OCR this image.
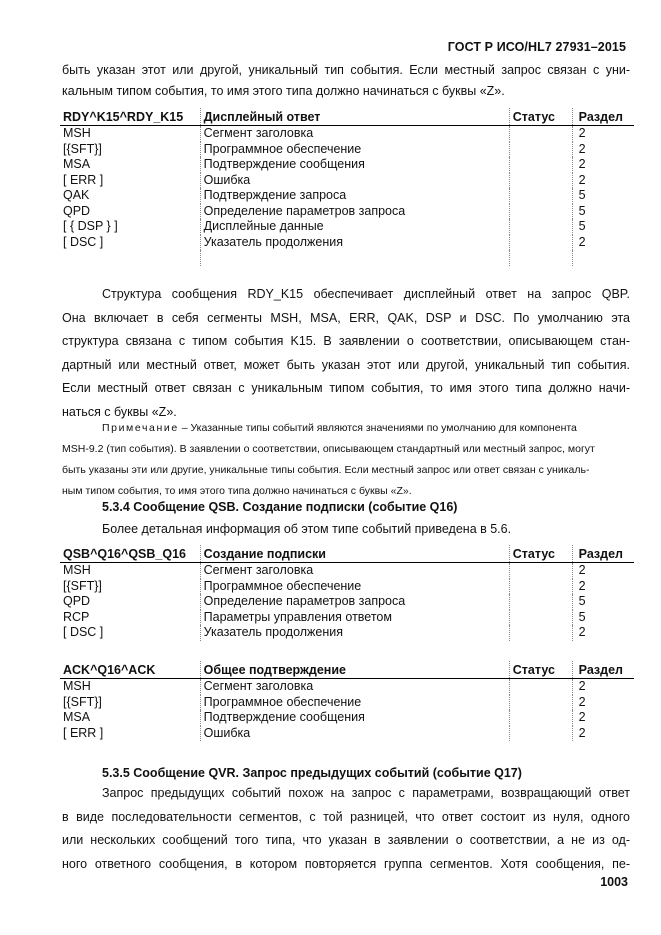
ГОСТ Р ИСО/HL7 27931–2015
быть указан этот или другой, уникальный тип события. Если местный запрос связан с уни-
кальным типом события, то имя этого типа должно начинаться с буквы «Z».
RDY^K15^RDY_K15	Дисплейный ответ	Статус	Раздел
MSH	Сегмент заголовка		2
[{SFT}]	Программное обеспечение		2
MSA	Подтверждение сообщения		2
[ ERR ]	Ошибка		2
QAK	Подтверждение запроса		5
QPD	Определение параметров запроса		5
[ { DSP } ]	Дисплейные данные		5
[ DSC ]	Указатель продолжения		2

Структура сообщения RDY_K15 обеспечивает дисплейный ответ на запрос QBP.
Она включает в себя сегменты MSH, MSA, ERR, QAK, DSP и DSC. По умолчанию эта
структура связана с типом события K15. В заявлении о соответствии, описывающем стан-
дартный или местный ответ, может быть указан этот или другой, уникальный тип события.
Если местный ответ связан с уникальным типом события, то имя этого типа должно начи-
наться с буквы «Z».
Примечание – Указанные типы событий являются значениями по умолчанию для компонента
MSH-9.2 (тип события). В заявлении о соответствии, описывающем стандартный или местный запрос, могут
быть указаны эти или другие, уникальные типы события. Если местный запрос или ответ связан с уникаль-
ным типом события, то имя этого типа должно начинаться с буквы «Z».
5.3.4 Сообщение QSB. Создание подписки (событие Q16)
Более детальная информация об этом типе событий приведена в 5.6.
QSB^Q16^QSB_Q16	Создание подписки	Статус	Раздел
MSH	Сегмент заголовка		2
[{SFT}]	Программное обеспечение		2
QPD	Определение параметров запроса		5
RCP	Параметры управления ответом		5
[ DSC ]	Указатель продолжения		2
ACK^Q16^ACK	Общее подтверждение	Статус	Раздел
MSH	Сегмент заголовка		2
[{SFT}]	Программное обеспечение		2
MSA	Подтверждение сообщения		2
[ ERR ]	Ошибка		2
5.3.5 Сообщение QVR. Запрос предыдущих событий (событие Q17)
Запрос предыдущих событий похож на запрос с параметрами, возвращающий ответ
в виде последовательности сегментов, с той разницей, что ответ состоит из нуля, одного
или нескольких сообщений того типа, что указан в заявлении о соответствии, а не из од-
ного ответного сообщения, в котором повторяется группа сегментов. Хотя сообщения, пе-
1003
